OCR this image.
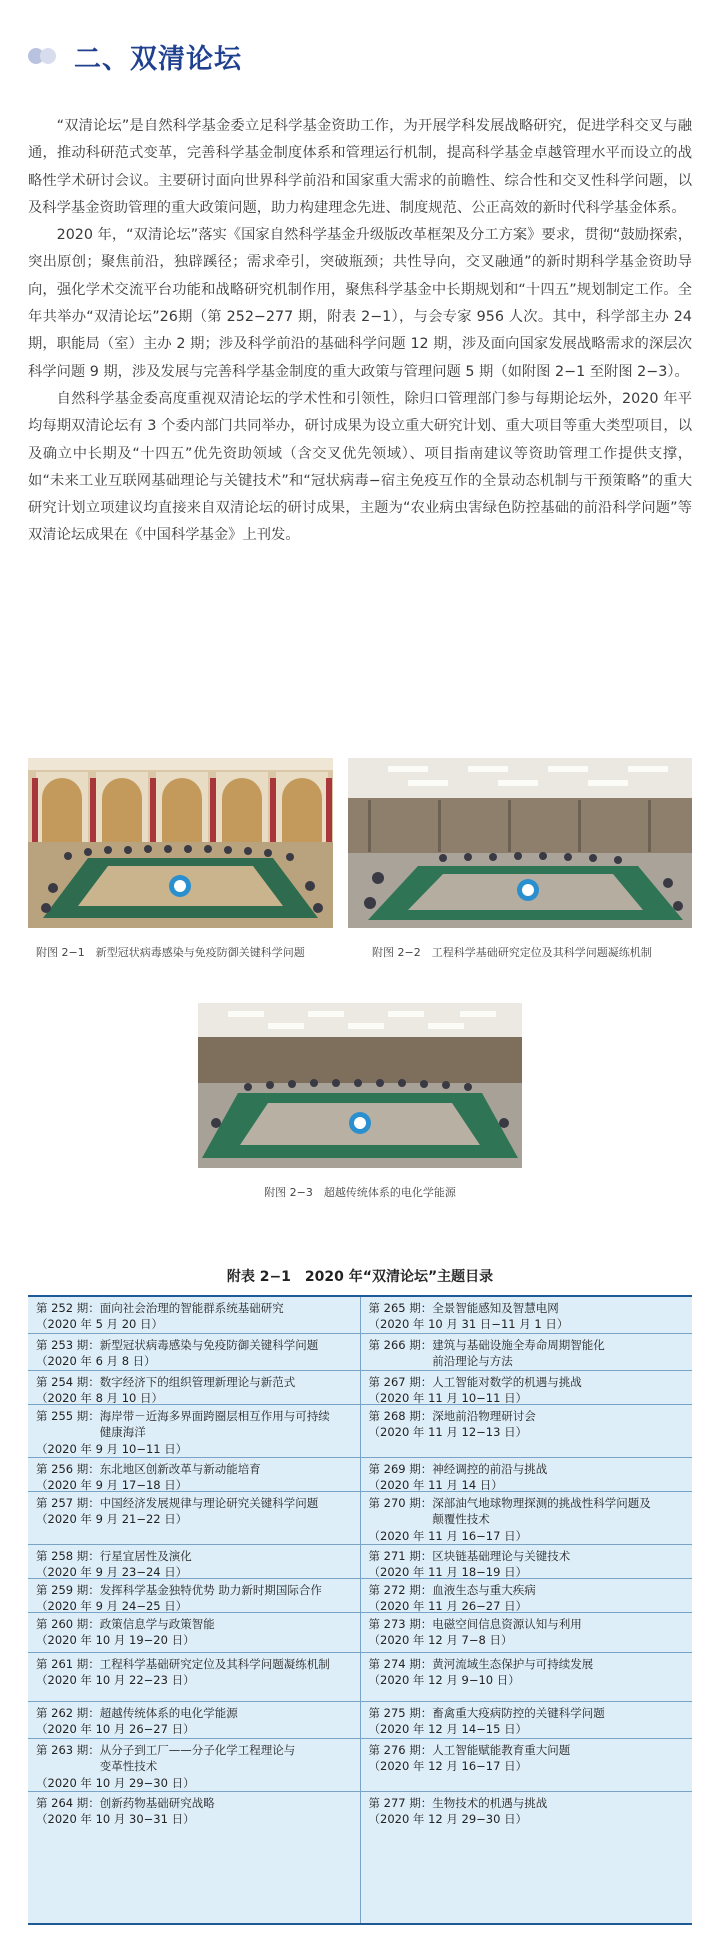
二、双清论坛

“双清论坛”是自然科学基金委立足科学基金资助工作，为开展学科发展战略研究，促进学科交叉与融通，推动科研范式变革，完善科学基金制度体系和管理运行机制，提高科学基金卓越管理水平而设立的战略性学术研讨会议。主要研讨面向世界科学前沿和国家重大需求的前瞻性、综合性和交叉性科学问题，以及科学基金资助管理的重大政策问题，助力构建理念先进、制度规范、公正高效的新时代科学基金体系。

2020 年，“双清论坛”落实《国家自然科学基金升级版改革框架及分工方案》要求，贯彻“鼓励探索，突出原创；聚焦前沿，独辟蹊径；需求牵引，突破瓶颈；共性导向，交叉融通”的新时期科学基金资助导向，强化学术交流平台功能和战略研究机制作用，聚焦科学基金中长期规划和“十四五”规划制定工作。全年共举办“双清论坛”26期（第 252−277 期，附表 2−1），与会专家 956 人次。其中，科学部主办 24 期，职能局（室）主办 2 期；涉及科学前沿的基础科学问题 12 期，涉及面向国家发展战略需求的深层次科学问题 9 期，涉及发展与完善科学基金制度的重大政策与管理问题 5 期（如附图 2−1 至附图 2−3）。

自然科学基金委高度重视双清论坛的学术性和引领性，除归口管理部门参与每期论坛外，2020 年平均每期双清论坛有 3 个委内部门共同举办，研讨成果为设立重大研究计划、重大项目等重大类型项目，以及确立中长期及“十四五”优先资助领域（含交叉优先领域）、项目指南建议等资助管理工作提供支撑，如“未来工业互联网基础理论与关键技术”和“冠状病毒−宿主免疫互作的全景动态机制与干预策略”的重大研究计划立项建议均直接来自双清论坛的研讨成果，主题为“农业病虫害绿色防控基础的前沿科学问题”等双清论坛成果在《中国科学基金》上刊发。

附图 2−1　新型冠状病毒感染与免疫防御关键科学问题	附图 2−2　工程科学基础研究定位及其科学问题凝练机制
附图 2−3　超越传统体系的电化学能源
附表 2−1　2020 年“双清论坛”主题目录
第 252 期： 面向社会治理的智能群系统基础研究
（2020 年 5 月 20 日）
第 253 期： 新型冠状病毒感染与免疫防御关键科学问题
（2020 年 6 月 8 日）
第 254 期： 数字经济下的组织管理新理论与新范式
（2020 年 8 月 10 日）
第 255 期： 海岸带－近海多界面跨圈层相互作用与可持续
健康海洋
（2020 年 9 月 10−11 日）
第 256 期： 东北地区创新改革与新动能培育
（2020 年 9 月 17−18 日）
第 257 期： 中国经济发展规律与理论研究关键科学问题
（2020 年 9 月 21−22 日）
第 258 期： 行星宜居性及演化
（2020 年 9 月 23−24 日）
第 259 期： 发挥科学基金独特优势 助力新时期国际合作
（2020 年 9 月 24−25 日）
第 260 期： 政策信息学与政策智能
（2020 年 10 月 19−20 日）
第 261 期： 工程科学基础研究定位及其科学问题凝练机制
（2020 年 10 月 22−23 日）
第 262 期： 超越传统体系的电化学能源
（2020 年 10 月 26−27 日）
第 263 期： 从分子到工厂——分子化学工程理论与
变革性技术
（2020 年 10 月 29−30 日）
第 264 期： 创新药物基础研究战略
（2020 年 10 月 30−31 日）
第 265 期： 全景智能感知及智慧电网
（2020 年 10 月 31 日−11 月 1 日）
第 266 期： 建筑与基础设施全寿命周期智能化
前沿理论与方法
第 267 期： 人工智能对数学的机遇与挑战
（2020 年 11 月 10−11 日）
第 268 期： 深地前沿物理研讨会
（2020 年 11 月 12−13 日）
第 269 期： 神经调控的前沿与挑战
（2020 年 11 月 14 日）
第 270 期： 深部油气地球物理探测的挑战性科学问题及
颠覆性技术
（2020 年 11 月 16−17 日）
第 271 期： 区块链基础理论与关键技术
（2020 年 11 月 18−19 日）
第 272 期： 血液生态与重大疾病
（2020 年 11 月 26−27 日）
第 273 期： 电磁空间信息资源认知与利用
（2020 年 12 月 7−8 日）
第 274 期： 黄河流域生态保护与可持续发展
（2020 年 12 月 9−10 日）
第 275 期： 畜禽重大疫病防控的关键科学问题
（2020 年 12 月 14−15 日）
第 276 期： 人工智能赋能教育重大问题
（2020 年 12 月 16−17 日）
第 277 期： 生物技术的机遇与挑战
（2020 年 12 月 29−30 日）
